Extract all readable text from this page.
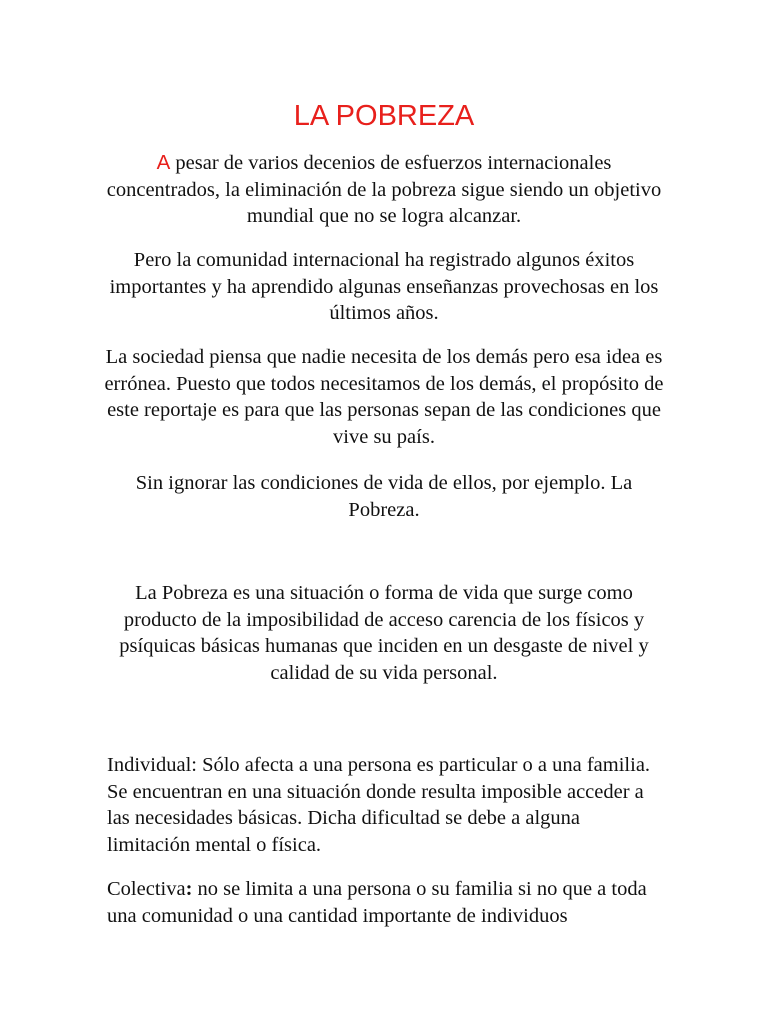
LA POBREZA

A pesar de varios decenios de esfuerzos internacionales concentrados, la eliminación de la pobreza sigue siendo un objetivo mundial que no se logra alcanzar.

Pero la comunidad internacional ha registrado algunos éxitos importantes y ha aprendido algunas enseñanzas provechosas en los últimos años.

La sociedad piensa que nadie necesita de los demás pero esa idea es errónea. Puesto que todos necesitamos de los demás, el propósito de este reportaje es para que las personas sepan de las condiciones que vive su país.

Sin ignorar las condiciones de vida de ellos, por ejemplo. La Pobreza.

La Pobreza es una situación o forma de vida que surge como producto de la imposibilidad de acceso carencia de los físicos y psíquicas básicas humanas que inciden en un desgaste de nivel y calidad de su vida personal.

Individual: Sólo afecta a una persona es particular o a una familia. Se encuentran en una situación donde resulta imposible acceder a las necesidades básicas. Dicha dificultad se debe a alguna limitación mental o física.

Colectiva: no se limita a una persona o su familia si no que a toda una comunidad o una cantidad importante de individuos
